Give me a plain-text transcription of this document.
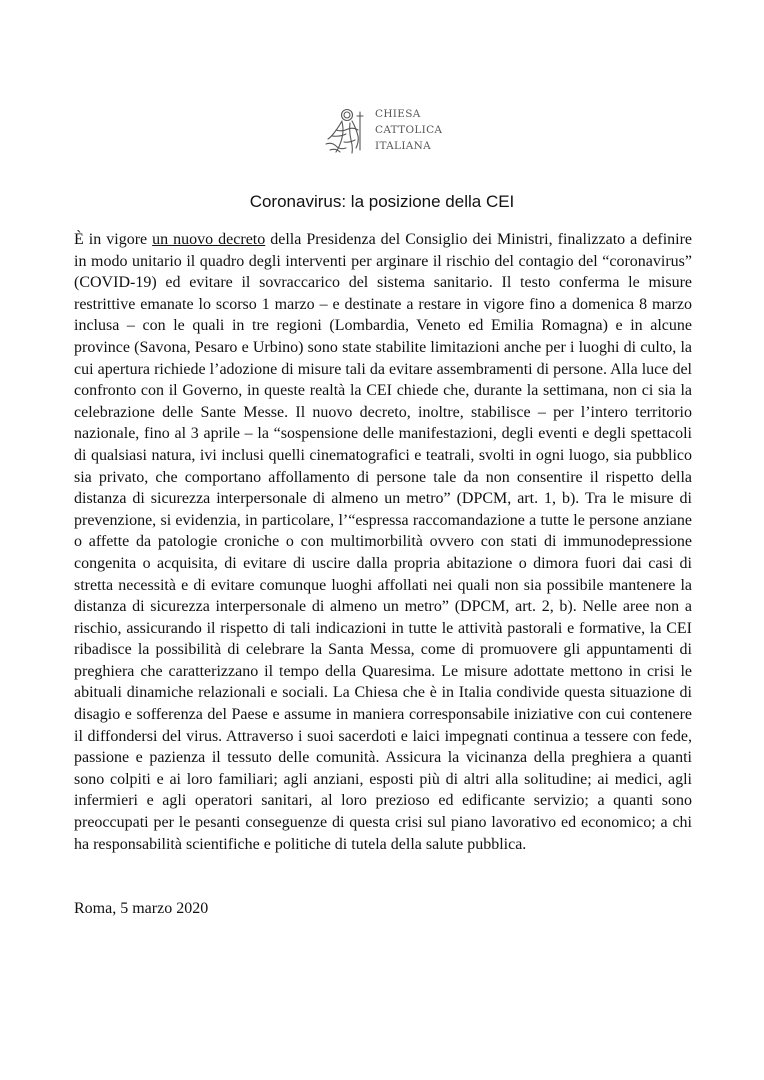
CHIESA
CATTOLICA
ITALIANA
Coronavirus: la posizione della CEI

È in vigore un nuovo decreto della Presidenza del Consiglio dei Ministri, finalizzato a definire in modo unitario il quadro degli interventi per arginare il rischio del contagio del “coronavirus” (COVID-19) ed evitare il sovraccarico del sistema sanitario. Il testo conferma le misure restrittive emanate lo scorso 1 marzo – e destinate a restare in vigore fino a domenica 8 marzo inclusa – con le quali in tre regioni (Lombardia, Veneto ed Emilia Romagna) e in alcune province (Savona, Pesaro e Urbino) sono state stabilite limitazioni anche per i luoghi di culto, la cui apertura richiede l’adozione di misure tali da evitare assembramenti di persone. Alla luce del confronto con il Governo, in queste realtà la CEI chiede che, durante la settimana, non ci sia la celebrazione delle Sante Messe. Il nuovo decreto, inoltre, stabilisce – per l’intero territorio nazionale, fino al 3 aprile – la “sospensione delle manifestazioni, degli eventi e degli spettacoli di qualsiasi natura, ivi inclusi quelli cinematografici e teatrali, svolti in ogni luogo, sia pubblico sia privato, che comportano affollamento di persone tale da non consentire il rispetto della distanza di sicurezza interpersonale di almeno un metro” (DPCM, art. 1, b). Tra le misure di prevenzione, si evidenzia, in particolare, l’“espressa raccomandazione a tutte le persone anziane o affette da patologie croniche o con multimorbilità ovvero con stati di immunodepressione congenita o acquisita, di evitare di uscire dalla propria abitazione o dimora fuori dai casi di stretta necessità e di evitare comunque luoghi affollati nei quali non sia possibile mantenere la distanza di sicurezza interpersonale di almeno un metro” (DPCM, art. 2, b). Nelle aree non a rischio, assicurando il rispetto di tali indicazioni in tutte le attività pastorali e formative, la CEI ribadisce la possibilità di celebrare la Santa Messa, come di promuovere gli appuntamenti di preghiera che caratterizzano il tempo della Quaresima. Le misure adottate mettono in crisi le abituali dinamiche relazionali e sociali. La Chiesa che è in Italia condivide questa situazione di disagio e sofferenza del Paese e assume in maniera corresponsabile iniziative con cui contenere il diffondersi del virus. Attraverso i suoi sacerdoti e laici impegnati continua a tessere con fede, passione e pazienza il tessuto delle comunità. Assicura la vicinanza della preghiera a quanti sono colpiti e ai loro familiari; agli anziani, esposti più di altri alla solitudine; ai medici, agli infermieri e agli operatori sanitari, al loro prezioso ed edificante servizio; a quanti sono preoccupati per le pesanti conseguenze di questa crisi sul piano lavorativo ed economico; a chi ha responsabilità scientifiche e politiche di tutela della salute pubblica.

Roma, 5 marzo 2020
